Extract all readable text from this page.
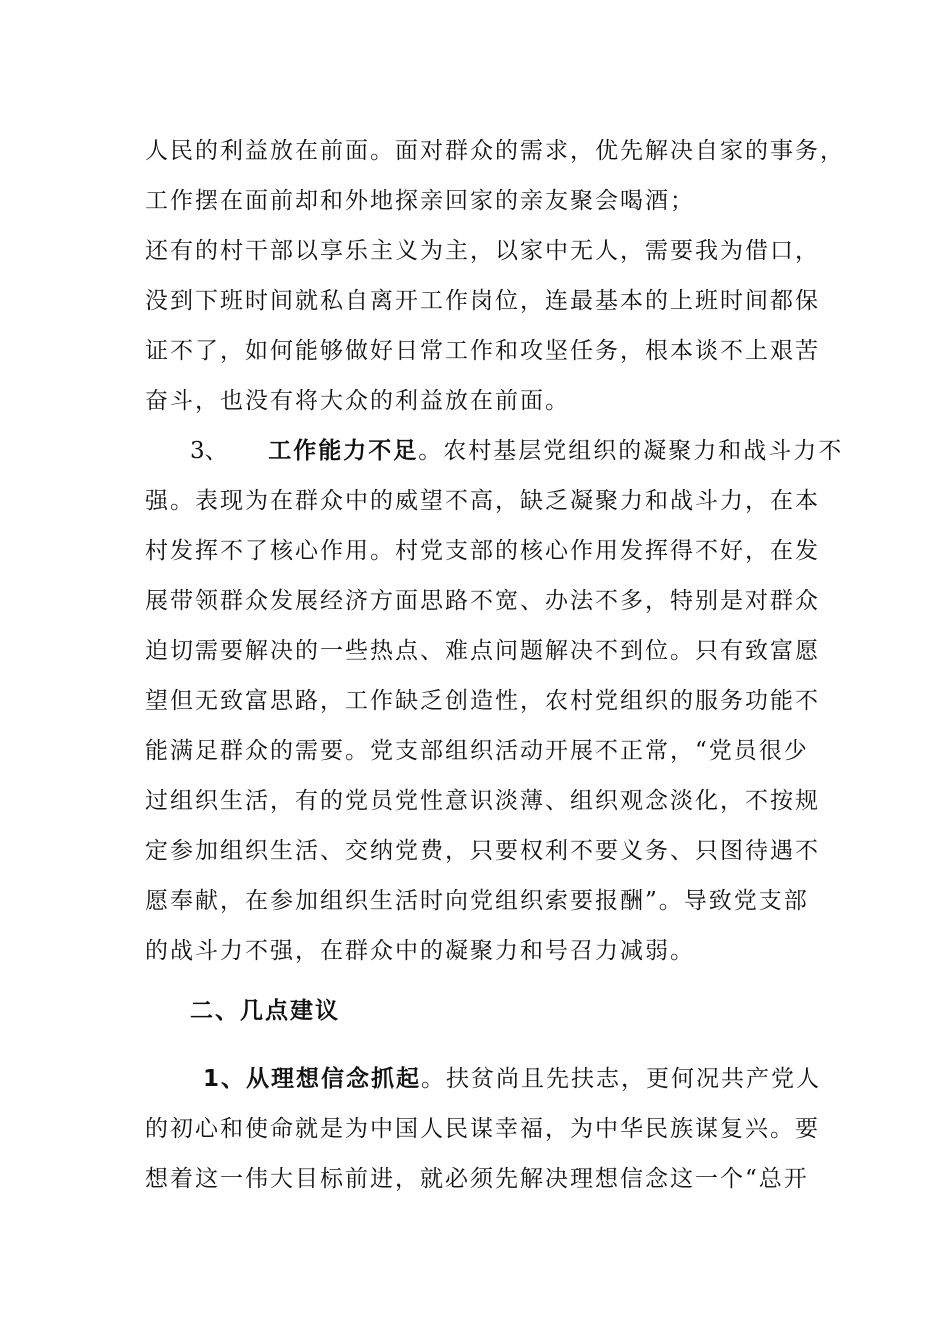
人民的利益放在前面。面对群众的需求，优先解决自家的事务，
工作摆在面前却和外地探亲回家的亲友聚会喝酒；
还有的村干部以享乐主义为主，以家中无人，需要我为借口，
没到下班时间就私自离开工作岗位，连最基本的上班时间都保
证不了，如何能够做好日常工作和攻坚任务，根本谈不上艰苦
奋斗，也没有将大众的利益放在前面。
3、 工作能力不足。农村基层党组织的凝聚力和战斗力不
强。表现为在群众中的威望不高，缺乏凝聚力和战斗力，在本
村发挥不了核心作用。村党支部的核心作用发挥得不好，在发
展带领群众发展经济方面思路不宽、办法不多，特别是对群众
迫切需要解决的一些热点、难点问题解决不到位。只有致富愿
望但无致富思路，工作缺乏创造性，农村党组织的服务功能不
能满足群众的需要。党支部组织活动开展不正常，“党员很少
过组织生活，有的党员党性意识淡薄、组织观念淡化，不按规
定参加组织生活、交纳党费，只要权利不要义务、只图待遇不
愿奉献，在参加组织生活时向党组织索要报酬”。导致党支部
的战斗力不强，在群众中的凝聚力和号召力减弱。
二、几点建议
1、从理想信念抓起。扶贫尚且先扶志，更何况共产党人
的初心和使命就是为中国人民谋幸福，为中华民族谋复兴。要
想着这一伟大目标前进，就必须先解决理想信念这一个“总开
